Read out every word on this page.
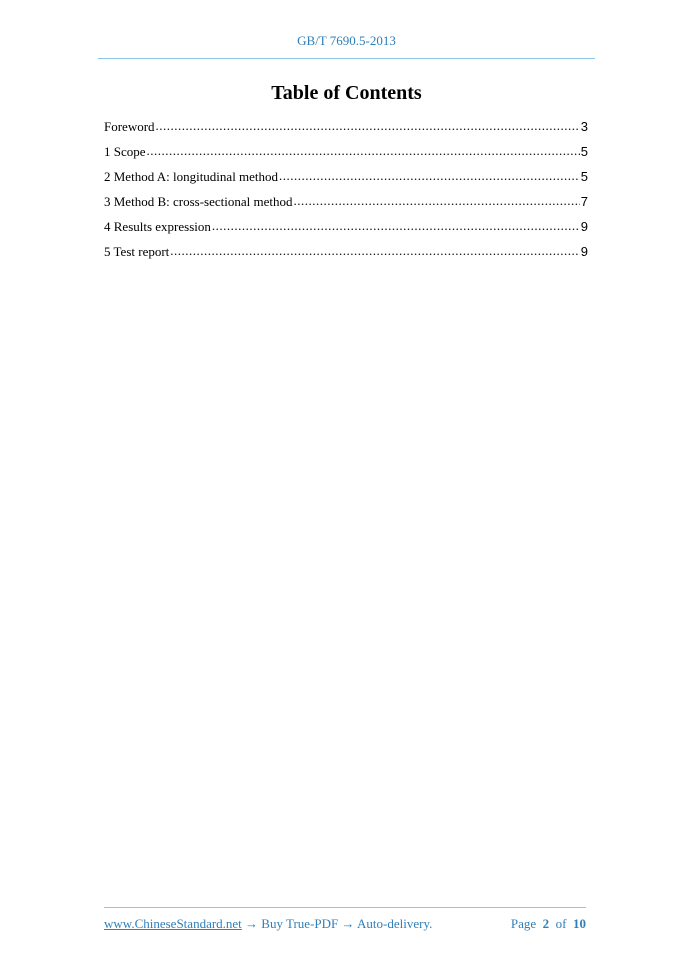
GB/T 7690.5-2013
Table of Contents
Foreword .....	3
1 Scope .....	5
2 Method A: longitudinal method .....	5
3 Method B: cross-sectional method .....	7
4 Results expression .....	9
5 Test report .....	9
www.ChineseStandard.net → Buy True-PDF → Auto-delivery.	Page 2 of 10
